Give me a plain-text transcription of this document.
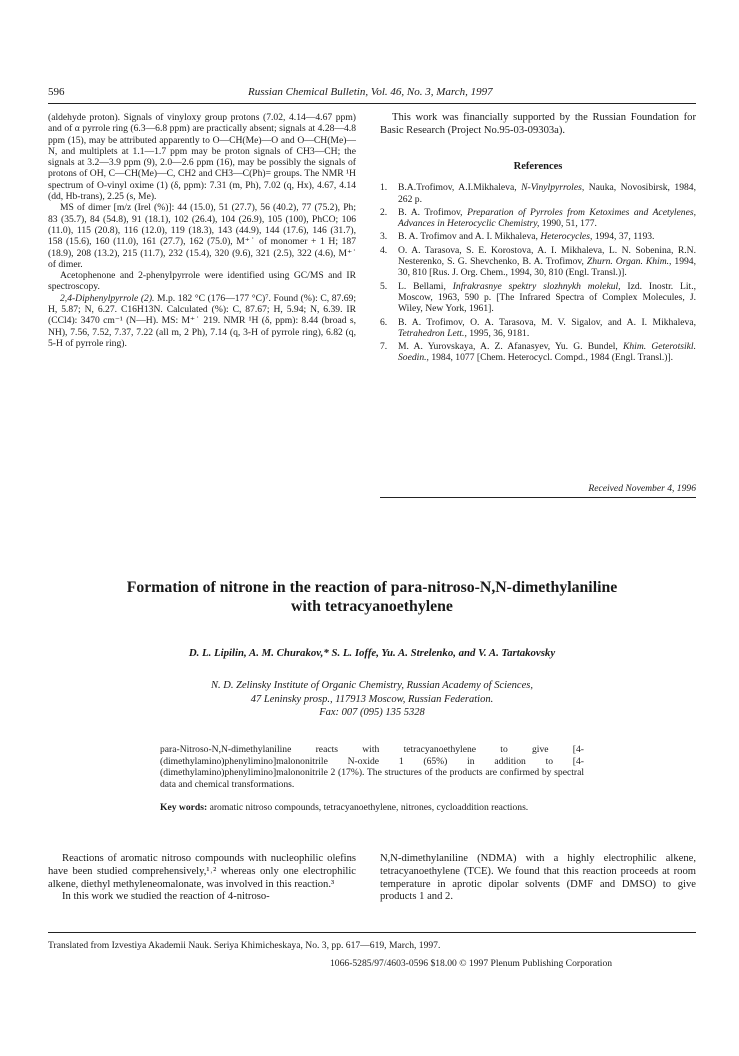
596	Russian Chemical Bulletin, Vol. 46, No. 3, March, 1997

(aldehyde proton). Signals of vinyloxy group protons (7.02, 4.14—4.67 ppm) and of α pyrrole ring (6.3—6.8 ppm) are practically absent; signals at 4.28—4.8 ppm (15), may be attributed apparently to O—CH(Me)—O and O—CH(Me)—N, and multiplets at 1.1—1.7 ppm may be proton signals of CH3—CH; the signals at 3.2—3.9 ppm (9), 2.0—2.6 ppm (16), may be possibly the signals of protons of OH, C—CH(Me)—C, CH2 and CH3—C(Ph)= groups. The NMR ¹H spectrum of O-vinyl oxime (1) (δ, ppm): 7.31 (m, Ph), 7.02 (q, Hx), 4.67, 4.14 (dd, Hb-trans), 2.25 (s, Me).

MS of dimer [m/z (Irel (%)]: 44 (15.0), 51 (27.7), 56 (40.2), 77 (75.2), Ph; 83 (35.7), 84 (54.8), 91 (18.1), 102 (26.4), 104 (26.9), 105 (100), PhCO; 106 (11.0), 115 (20.8), 116 (12.0), 119 (18.3), 143 (44.9), 144 (17.6), 146 (31.7), 158 (15.6), 160 (11.0), 161 (27.7), 162 (75.0), M⁺˙ of monomer + 1 H; 187 (18.9), 208 (13.2), 215 (11.7), 232 (15.4), 320 (9.6), 321 (2.5), 322 (4.6), M⁺˙ of dimer.

Acetophenone and 2-phenylpyrrole were identified using GC/MS and IR spectroscopy.

2,4-Diphenylpyrrole (2). M.p. 182 °C (176—177 °C)⁷. Found (%): C, 87.69; H, 5.87; N, 6.27. C16H13N. Calculated (%): C, 87.67; H, 5.94; N, 6.39. IR (CCl4): 3470 cm⁻¹ (N—H). MS: M⁺˙ 219. NMR ¹H (δ, ppm): 8.44 (broad s, NH), 7.56, 7.52, 7.37, 7.22 (all m, 2 Ph), 7.14 (q, 3-H of pyrrole ring), 6.82 (q, 5-H of pyrrole ring).

This work was financially supported by the Russian Foundation for Basic Research (Project No.95-03-09303a).

References
1. B.A.Trofimov, A.I.Mikhaleva, N-Vinylpyrroles, Nauka, Novosibirsk, 1984, 262 p.
2. B. A. Trofimov, Preparation of Pyrroles from Ketoximes and Acetylenes, Advances in Heterocyclic Chemistry, 1990, 51, 177.
3. B. A. Trofimov and A. I. Mikhaleva, Heterocycles, 1994, 37, 1193.
4. O. A. Tarasova, S. E. Korostova, A. I. Mikhaleva, L. N. Sobenina, R.N. Nesterenko, S. G. Shevchenko, B. A. Trofimov, Zhurn. Organ. Khim., 1994, 30, 810 [Rus. J. Org. Chem., 1994, 30, 810 (Engl. Transl.)].
5. L. Bellami, Infrakrasnye spektry slozhnykh molekul, Izd. Inostr. Lit., Moscow, 1963, 590 p. [The Infrared Spectra of Complex Molecules, J. Wiley, New York, 1961].
6. B. A. Trofimov, O. A. Tarasova, M. V. Sigalov, and A. I. Mikhaleva, Tetrahedron Lett., 1995, 36, 9181.
7. M. A. Yurovskaya, A. Z. Afanasyev, Yu. G. Bundel, Khim. Geterotsikl. Soedin., 1984, 1077 [Chem. Heterocycl. Compd., 1984 (Engl. Transl.)].
Received November 4, 1996
Formation of nitrone in the reaction of para-nitroso-N,N-dimethylaniline
with tetracyanoethylene
D. L. Lipilin, A. M. Churakov,* S. L. Ioffe, Yu. A. Strelenko, and V. A. Tartakovsky
N. D. Zelinsky Institute of Organic Chemistry, Russian Academy of Sciences,
47 Leninsky prosp., 117913 Moscow, Russian Federation.
Fax: 007 (095) 135 5328
para-Nitroso-N,N-dimethylaniline reacts with tetracyanoethylene to give [4-(dimethylamino)phenylimino]malononitrile N-oxide 1 (65%) in addition to [4-(dimethylamino)phenylimino]malononitrile 2 (17%). The structures of the products are confirmed by spectral data and chemical transformations.
Key words: aromatic nitroso compounds, tetracyanoethylene, nitrones, cycloaddition reactions.

Reactions of aromatic nitroso compounds with nucleophilic olefins have been studied comprehensively,¹˒² whereas only one electrophilic alkene, diethyl methyleneomalonate, was involved in this reaction.³

In this work we studied the reaction of 4-nitroso-

N,N-dimethylaniline (NDMA) with a highly electrophilic alkene, tetracyanoethylene (TCE). We found that this reaction proceeds at room temperature in aprotic dipolar solvents (DMF and DMSO) to give products 1 and 2.

Translated from Izvestiya Akademii Nauk. Seriya Khimicheskaya, No. 3, pp. 617—619, March, 1997.
1066-5285/97/4603-0596 $18.00 © 1997 Plenum Publishing Corporation
